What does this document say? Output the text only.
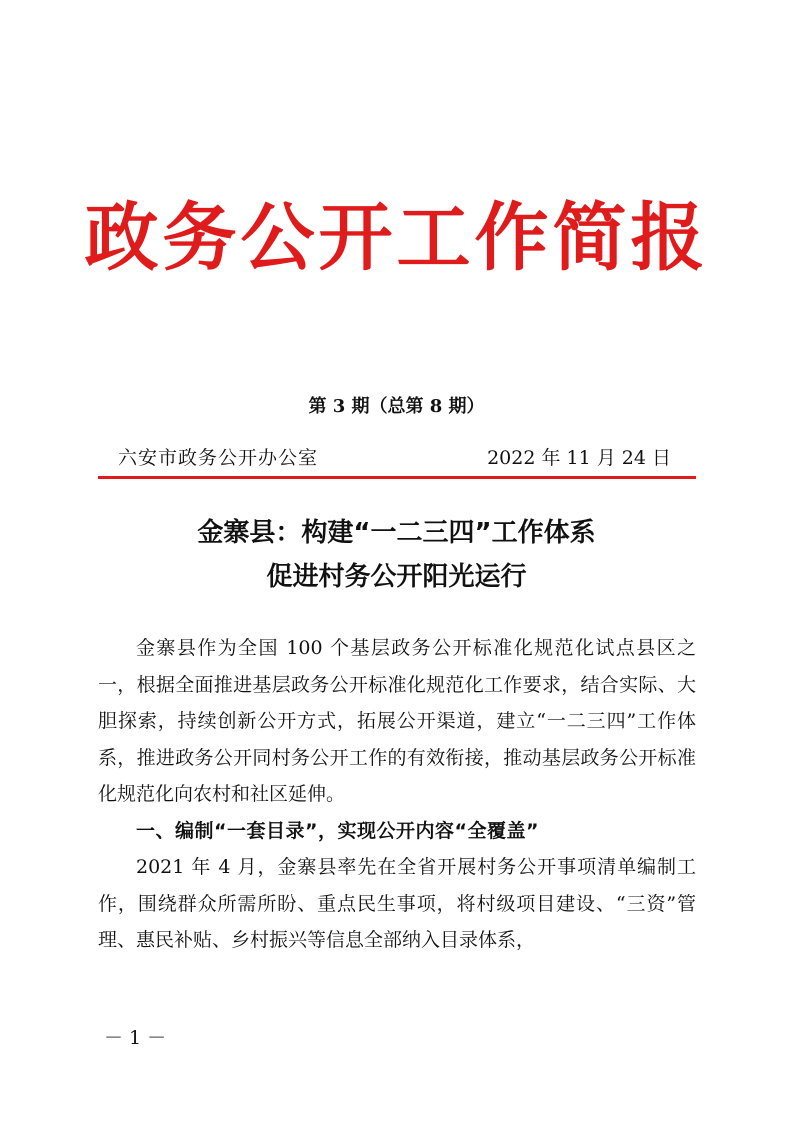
政务公开工作简报
第 3 期（总第 8 期）
六安市政务公开办公室	2022 年 11 月 24 日
金寨县：构建“一二三四”工作体系
促进村务公开阳光运行

金寨县作为全国 100 个基层政务公开标准化规范化试点县区之一，根据全面推进基层政务公开标准化规范化工作要求，结合实际、大胆探索，持续创新公开方式，拓展公开渠道，建立“一二三四”工作体系，推进政务公开同村务公开工作的有效衔接，推动基层政务公开标准化规范化向农村和社区延伸。

一、编制“一套目录”，实现公开内容“全覆盖”

2021 年 4 月，金寨县率先在全省开展村务公开事项清单编制工作，围绕群众所需所盼、重点民生事项，将村级项目建设、“三资”管理、惠民补贴、乡村振兴等信息全部纳入目录体系，

－ 1 －
